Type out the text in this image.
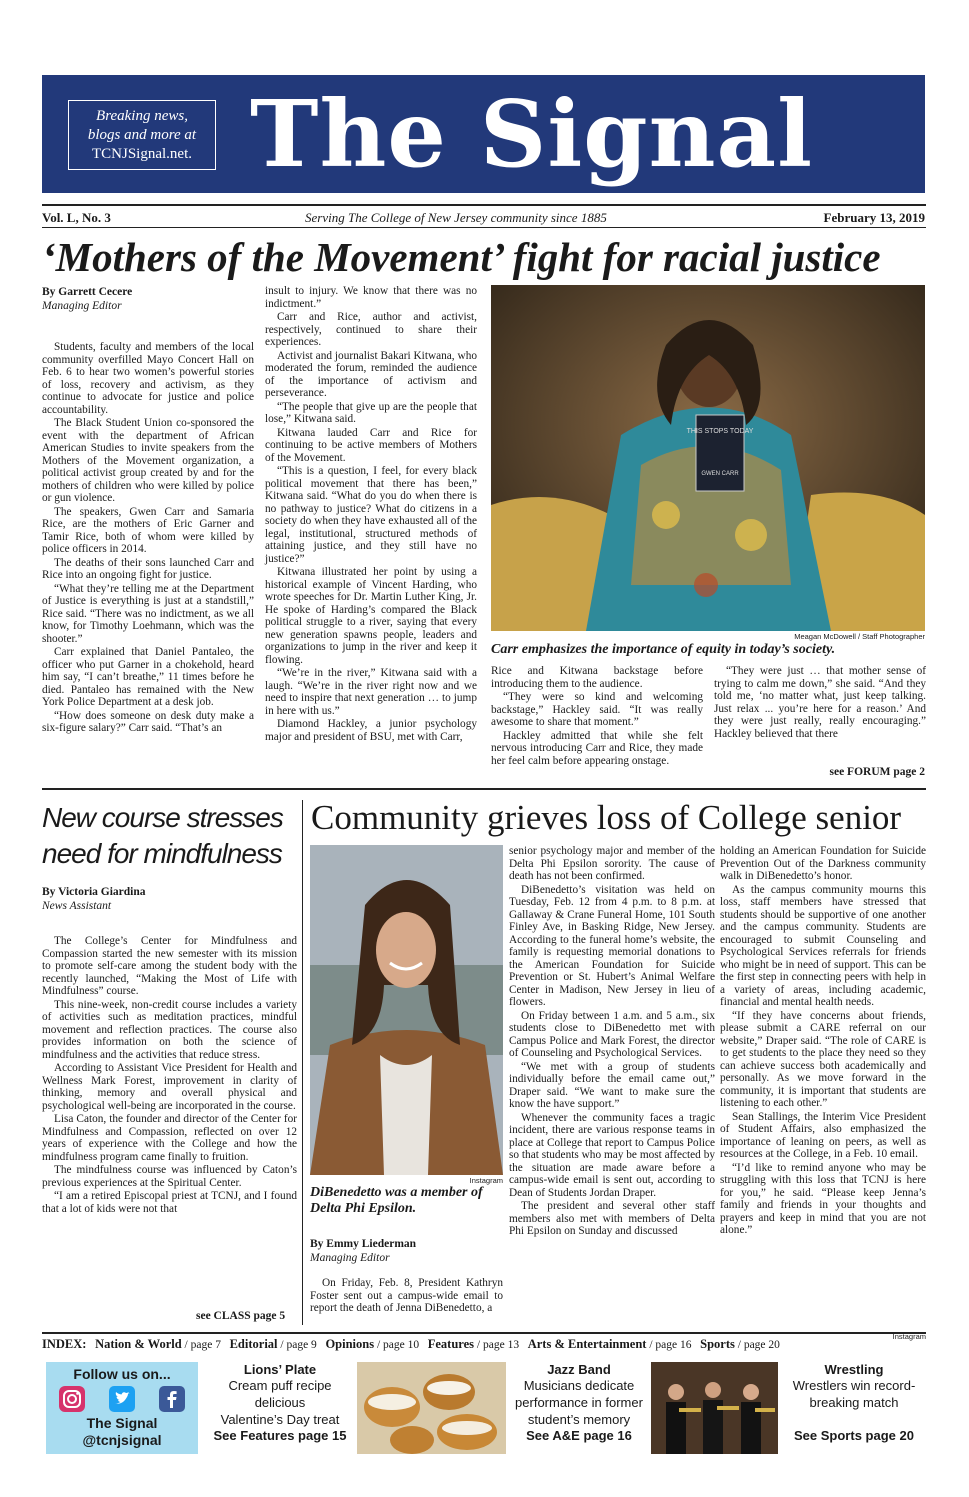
Breaking news,
blogs and more at
TCNJSignal.net. The Signal
Vol. L, No. 3	Serving The College of New Jersey community since 1885	February 13, 2019
‘Mothers of the Movement’ fight for racial justice
By Garrett Cecere
Managing Editor

Students, faculty and members of the local community overfilled Mayo Concert Hall on Feb. 6 to hear two women’s powerful stories of loss, recovery and activism, as they continue to advocate for justice and police accountability.

The Black Student Union co-sponsored the event with the department of African American Studies to invite speakers from the Mothers of the Movement organization, a political activist group created by and for the mothers of children who were killed by police or gun violence.

The speakers, Gwen Carr and Samaria Rice, are the mothers of Eric Garner and Tamir Rice, both of whom were killed by police officers in 2014.

The deaths of their sons launched Carr and Rice into an ongoing fight for justice.

“What they’re telling me at the Department of Justice is everything is just at a standstill,” Rice said. “There was no indictment, as we all know, for Timothy Loehmann, which was the shooter.”

Carr explained that Daniel Pantaleo, the officer who put Garner in a chokehold, heard him say, “I can’t breathe,” 11 times before he died. Pantaleo has remained with the New York Police Department at a desk job.

“How does someone on desk duty make a six-figure salary?” Carr said. “That’s an

insult to injury. We know that there was no indictment.”

Carr and Rice, author and activist, respectively, continued to share their experiences.

Activist and journalist Bakari Kitwana, who moderated the forum, reminded the audience of the importance of activism and perseverance.

“The people that give up are the people that lose,” Kitwana said.

Kitwana lauded Carr and Rice for continuing to be active members of Mothers of the Movement.

“This is a question, I feel, for every black political movement that there has been,” Kitwana said. “What do you do when there is no pathway to justice? What do citizens in a society do when they have exhausted all of the legal, institutional, structured methods of attaining justice, and they still have no justice?”

Kitwana illustrated her point by using a historical example of Vincent Harding, who wrote speeches for Dr. Martin Luther King, Jr. He spoke of Harding’s compared the Black political struggle to a river, saying that every new generation spawns people, leaders and organizations to jump in the river and keep it flowing.

“We’re in the river,” Kitwana said with a laugh. “We’re in the river right now and we need to inspire that next generation … to jump in here with us.”

Diamond Hackley, a junior psychology major and president of BSU, met with Carr,

THIS STOPS TODAY
GWEN CARR
Meagan McDowell / Staff Photographer
Carr emphasizes the importance of equity in today’s society.

Rice and Kitwana backstage before introducing them to the audience.

“They were so kind and welcoming backstage,” Hackley said. “It was really awesome to share that moment.”

Hackley admitted that while she felt nervous introducing Carr and Rice, they made her feel calm before appearing onstage.

“They were just … that mother sense of trying to calm me down,” she said. “And they told me, ‘no matter what, just keep talking. Just relax ... you’re here for a reason.’ And they were just really, really encouraging.” Hackley believed that there

see FORUM page 2
New course stresses
need for mindfulness
By Victoria Giardina
News Assistant

The College’s Center for Mindfulness and Compassion started the new semester with its mission to promote self-care among the student body with the recently launched, “Making the Most of Life with Mindfulness” course.

This nine-week, non-credit course includes a variety of activities such as meditation practices, mindful movement and reflection practices. The course also provides information on both the science of mindfulness and the activities that reduce stress.

According to Assistant Vice President for Health and Wellness Mark Forest, improvement in clarity of thinking, memory and overall physical and psychological well-being are incorporated in the course.

Lisa Caton, the founder and director of the Center for Mindfulness and Compassion, reflected on over 12 years of experience with the College and how the mindfulness program came finally to fruition.

The mindfulness course was influenced by Caton’s previous experiences at the Spiritual Center.

“I am a retired Episcopal priest at TCNJ, and I found that a lot of kids were not that

see CLASS page 5
Community grieves loss of College senior
Instagram
DiBenedetto was a member of Delta Phi Epsilon.
By Emmy Liederman
Managing Editor

On Friday, Feb. 8, President Kathryn Foster sent out a campus-wide email to report the death of Jenna DiBenedetto, a

senior psychology major and member of the Delta Phi Epsilon sorority. The cause of death has not been confirmed.

DiBenedetto’s visitation was held on Tuesday, Feb. 12 from 4 p.m. to 8 p.m. at Gallaway & Crane Funeral Home, 101 South Finley Ave, in Basking Ridge, New Jersey. According to the funeral home’s website, the family is requesting memorial donations to the American Foundation for Suicide Prevention or St. Hubert’s Animal Welfare Center in Madison, New Jersey in lieu of flowers.

On Friday between 1 a.m. and 5 a.m., six students close to DiBenedetto met with Campus Police and Mark Forest, the director of Counseling and Psychological Services.

“We met with a group of students individually before the email came out,” Draper said. “We want to make sure the know the have support.”

Whenever the community faces a tragic incident, there are various response teams in place at College that report to Campus Police so that students who may be most affected by the situation are made aware before a campus-wide email is sent out, according to Dean of Students Jordan Draper.

The president and several other staff members also met with members of Delta Phi Epsilon on Sunday and discussed

holding an American Foundation for Suicide Prevention Out of the Darkness community walk in DiBenedetto’s honor.

As the campus community mourns this loss, staff members have stressed that students should be supportive of one another and the campus community. Students are encouraged to submit Counseling and Psychological Services referrals for friends who might be in need of support. This can be the first step in connecting peers with help in a variety of areas, including academic, financial and mental health needs.

“If they have concerns about friends, please submit a CARE referral on our website,” Draper said. “The role of CARE is to get students to the place they need so they can achieve success both academically and personally. As we move forward in the community, it is important that students are listening to each other.”

Sean Stallings, the Interim Vice President of Student Affairs, also emphasized the importance of leaning on peers, as well as resources at the College, in a Feb. 10 email.

“I’d like to remind anyone who may be struggling with this loss that TCNJ is here for you,” he said. “Please keep Jenna’s family and friends in your thoughts and prayers and keep in mind that you are not alone.”

INDEX: Nation & World / page 7 Editorial / page 9 Opinions / page 10 Features / page 13 Arts & Entertainment / page 16 Sports / page 20
Instagram
Follow us on...
The Signal
@tcnjsignal
Lions’ Plate
Cream puff recipe
delicious
Valentine’s Day treat
See Features page 15
Jazz Band
Musicians dedicate
performance in former
student’s memory
See A&E page 16
Wrestling
Wrestlers win record-
breaking match
See Sports page 20
